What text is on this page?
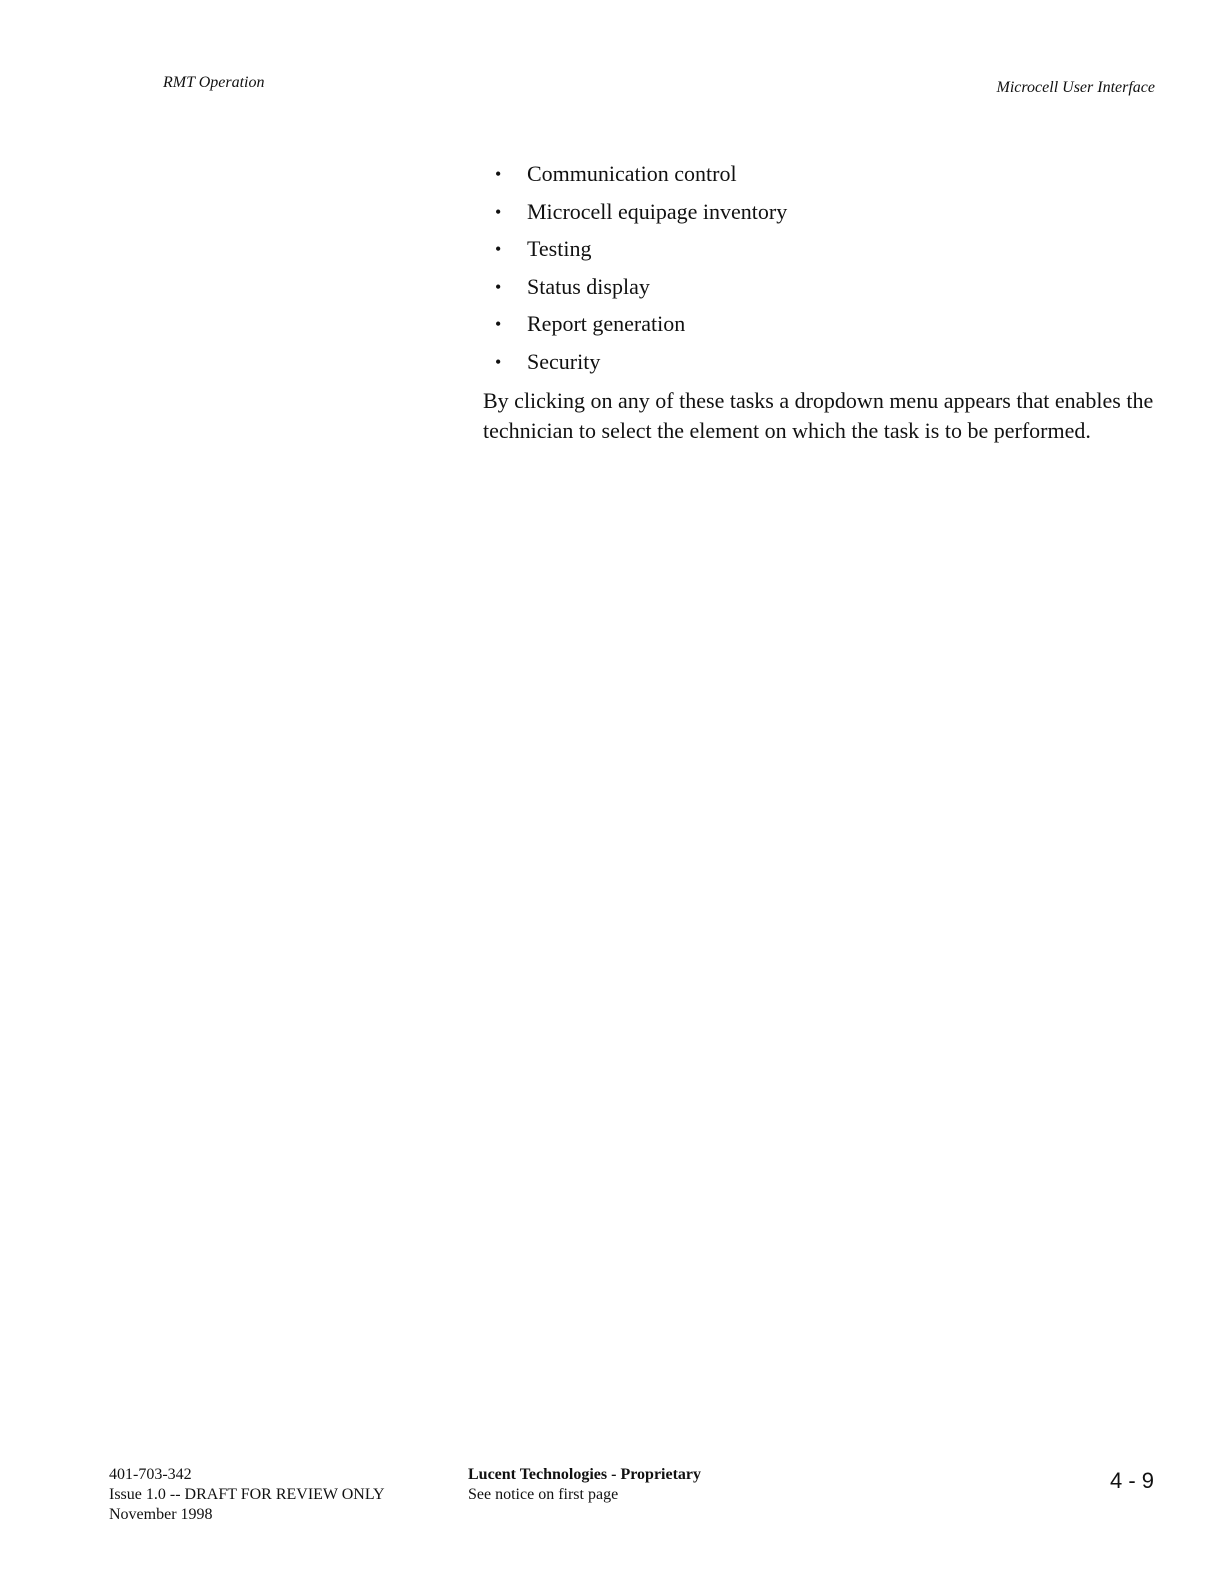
RMT Operation	Microcell User Interface
• Communication control
• Microcell equipage inventory
• Testing
• Status display
• Report generation
• Security

By clicking on any of these tasks a dropdown menu appears that enables the technician to select the element on which the task is to be performed.

401-703-342
Issue 1.0 -- DRAFT FOR REVIEW ONLY
November 1998
Lucent Technologies - Proprietary
See notice on first page
4 - 9
